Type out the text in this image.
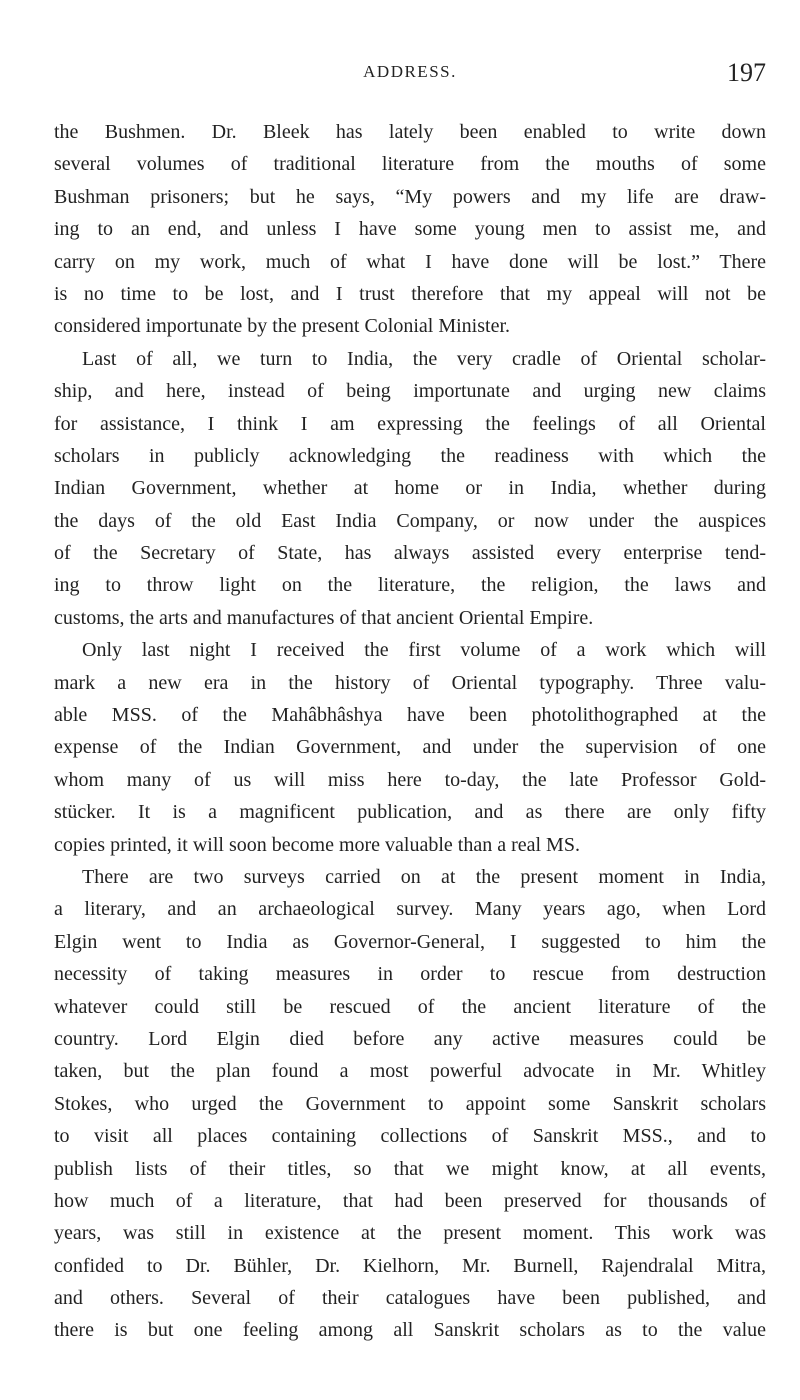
ADDRESS.	197
the Bushmen. Dr. Bleek has lately been enabled to write down
several volumes of traditional literature from the mouths of some
Bushman prisoners; but he says, “My powers and my life are draw-
ing to an end, and unless I have some young men to assist me, and
carry on my work, much of what I have done will be lost.” There
is no time to be lost, and I trust therefore that my appeal will not be
considered importunate by the present Colonial Minister.
Last of all, we turn to India, the very cradle of Oriental scholar-
ship, and here, instead of being importunate and urging new claims
for assistance, I think I am expressing the feelings of all Oriental
scholars in publicly acknowledging the readiness with which the
Indian Government, whether at home or in India, whether during
the days of the old East India Company, or now under the auspices
of the Secretary of State, has always assisted every enterprise tend-
ing to throw light on the literature, the religion, the laws and
customs, the arts and manufactures of that ancient Oriental Empire.
Only last night I received the first volume of a work which will
mark a new era in the history of Oriental typography. Three valu-
able MSS. of the Mahâbhâshya have been photolithographed at the
expense of the Indian Government, and under the supervision of one
whom many of us will miss here to-day, the late Professor Gold-
stücker. It is a magnificent publication, and as there are only fifty
copies printed, it will soon become more valuable than a real MS.
There are two surveys carried on at the present moment in India,
a literary, and an archaeological survey. Many years ago, when Lord
Elgin went to India as Governor-General, I suggested to him the
necessity of taking measures in order to rescue from destruction
whatever could still be rescued of the ancient literature of the
country. Lord Elgin died before any active measures could be
taken, but the plan found a most powerful advocate in Mr. Whitley
Stokes, who urged the Government to appoint some Sanskrit scholars
to visit all places containing collections of Sanskrit MSS., and to
publish lists of their titles, so that we might know, at all events,
how much of a literature, that had been preserved for thousands of
years, was still in existence at the present moment. This work was
confided to Dr. Bühler, Dr. Kielhorn, Mr. Burnell, Rajendralal Mitra,
and others. Several of their catalogues have been published, and
there is but one feeling among all Sanskrit scholars as to the value
